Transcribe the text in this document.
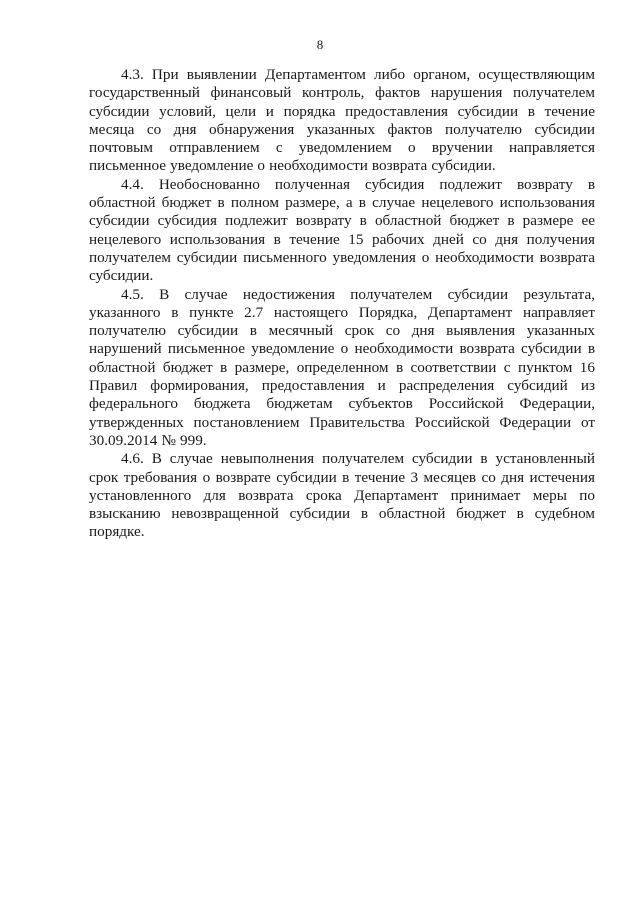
8

4.3. При выявлении Департаментом либо органом, осуществляющим государственный финансовый контроль, фактов нарушения получателем субсидии условий, цели и порядка предоставления субсидии в течение месяца со дня обнаружения указанных фактов получателю субсидии почтовым отправлением с уведомлением о вручении направляется письменное уведомление о необходимости возврата субсидии.

4.4. Необоснованно полученная субсидия подлежит возврату в областной бюджет в полном размере, а в случае нецелевого использования субсидии субсидия подлежит возврату в областной бюджет в размере ее нецелевого использования в течение 15 рабочих дней со дня получения получателем субсидии письменного уведомления о необходимости возврата субсидии.

4.5. В случае недостижения получателем субсидии результата, указанного в пункте 2.7 настоящего Порядка, Департамент направляет получателю субсидии в месячный срок со дня выявления указанных нарушений письменное уведомление о необходимости возврата субсидии в областной бюджет в размере, определенном в соответствии с пунктом 16 Правил формирования, предоставления и распределения субсидий из федерального бюджета бюджетам субъектов Российской Федерации, утвержденных постановлением Правительства Российской Федерации от 30.09.2014 № 999.

4.6. В случае невыполнения получателем субсидии в установленный срок требования о возврате субсидии в течение 3 месяцев со дня истечения установленного для возврата срока Департамент принимает меры по взысканию невозвращенной субсидии в областной бюджет в судебном порядке.
